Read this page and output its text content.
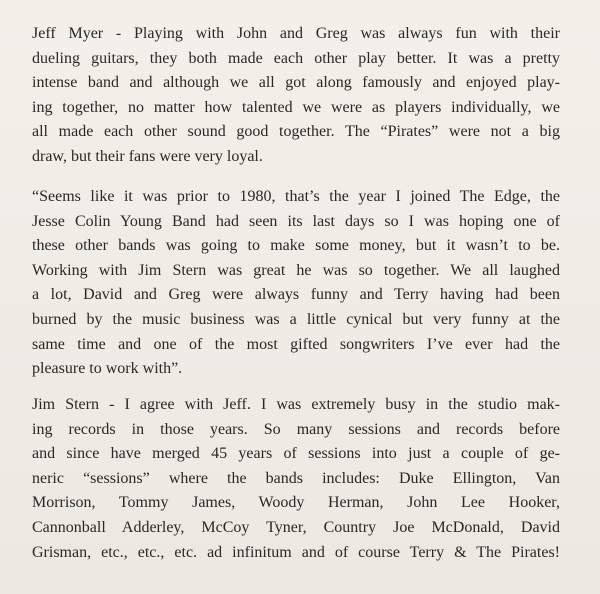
Jeff Myer - Playing with John and Greg was always fun with their
dueling guitars, they both made each other play better. It was a pretty
intense band and although we all got along famously and enjoyed play-
ing together, no matter how talented we were as players individually, we
all made each other sound good together. The “Pirates” were not a big
draw, but their fans were very loyal.

“Seems like it was prior to 1980, that’s the year I joined The Edge, the
Jesse Colin Young Band had seen its last days so I was hoping one of
these other bands was going to make some money, but it wasn’t to be.
Working with Jim Stern was great he was so together. We all laughed
a lot, David and Greg were always funny and Terry having had been
burned by the music business was a little cynical but very funny at the
same time and one of the most gifted songwriters I’ve ever had the
pleasure to work with”.

Jim Stern - I agree with Jeff. I was extremely busy in the studio mak-
ing records in those years. So many sessions and records before
and since have merged 45 years of sessions into just a couple of ge-
neric “sessions” where the bands includes: Duke Ellington, Van
Morrison, Tommy James, Woody Herman, John Lee Hooker,
Cannonball Adderley, McCoy Tyner, Country Joe McDonald, David
Grisman, etc., etc., etc. ad infinitum and of course Terry & The Pirates!
